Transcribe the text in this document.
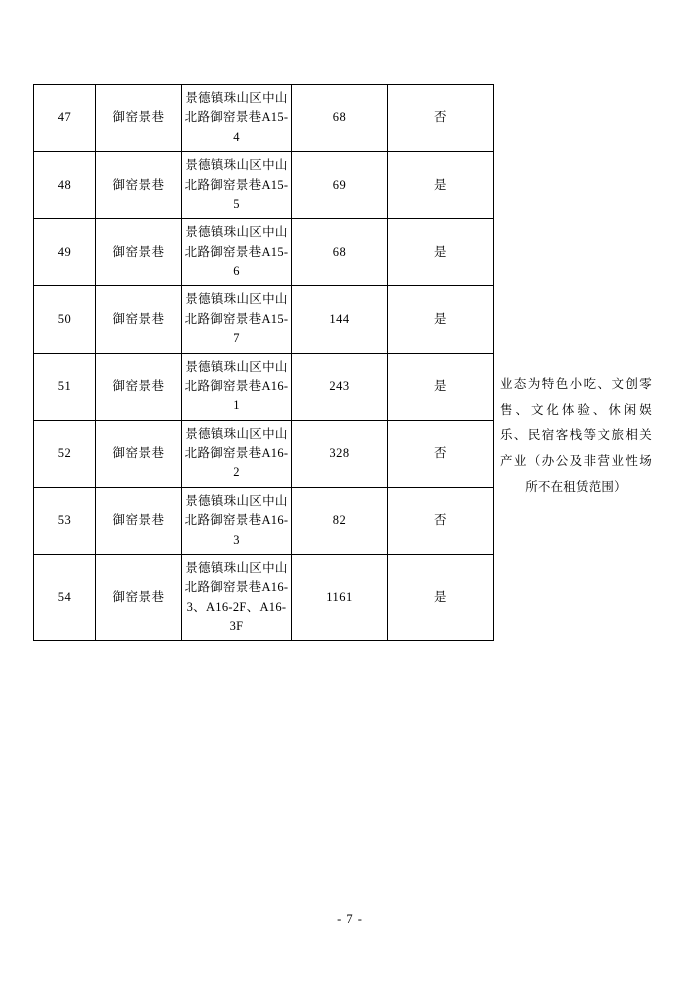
47	御窑景巷	景德镇珠山区中山北路御窑景巷A15-4	68	否
48	御窑景巷	景德镇珠山区中山北路御窑景巷A15-5	69	是
49	御窑景巷	景德镇珠山区中山北路御窑景巷A15-6	68	是
50	御窑景巷	景德镇珠山区中山北路御窑景巷A15-7	144	是
51	御窑景巷	景德镇珠山区中山北路御窑景巷A16-1	243	是
52	御窑景巷	景德镇珠山区中山北路御窑景巷A16-2	328	否
53	御窑景巷	景德镇珠山区中山北路御窑景巷A16-3	82	否
54	御窑景巷	景德镇珠山区中山北路御窑景巷A16-3、A16-2F、A16-3F	1161	是
业态为特色小吃、文创零售、文化体验、休闲娱乐、民宿客栈等文旅相关产业（办公及非营业性场所不在租赁范围）
- 7 -
